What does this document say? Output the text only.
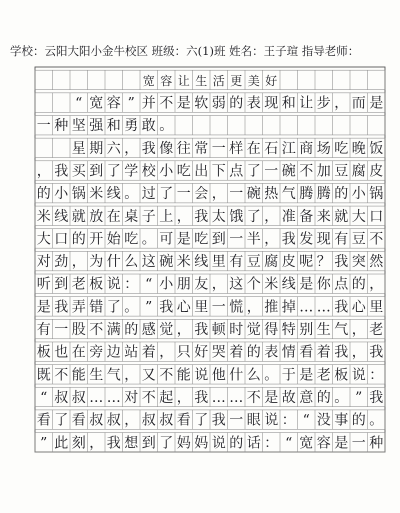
学校：云阳大阳小金牛校区 班级：六(1)班 姓名：王子瑄 指导老师：
宽 容 让 生 活 更 美 好
“ 宽 容 ” 并 不 是 软 弱 的 表 现 和 让 步 ， 而 是
一 种 坚 强 和 勇 敢 。
星 期 六 ， 我 像 往 常 一 样 在 石 江 商 场 吃 晚 饭
， 我 买 到 了 学 校 小 吃 出 下 点 了 一 碗 不 加 豆 腐 皮
的 小 锅 米 线 。 过 了 一 会 ， 一 碗 热 气 腾 腾 的 小 锅
米 线 就 放 在 桌 子 上 ， 我 太 饿 了 ， 准 备 来 就 大 口
大 口 的 开 始 吃 。 可 是 吃 到 一 半 ， 我 发 现 有 豆 不
对 劲 ， 为 什 么 这 碗 米 线 里 有 豆 腐 皮 呢 ？ 我 突 然
听 到 老 板 说 ： “ 小 朋 友 ， 这 个 米 线 是 你 点 的 ，
是 我 弄 错 了 。 ” 我 心 里 一 慌 ， 推 掉 … … 我 心 里
有 一 股 不 满 的 感 觉 ， 我 顿 时 觉 得 特 别 生 气 ， 老
板 也 在 旁 边 站 着 ， 只 好 哭 着 的 表 情 看 着 我 ， 我
既 不 能 生 气 ， 又 不 能 说 他 什 么 。 于 是 老 板 说 ：
“ 叔 叔 … … 对 不 起 ， 我 … … 不 是 故 意 的 。 ” 我
看 了 看 叔 叔 ， 叔 叔 看 了 我 一 眼 说 ： “ 没 事 的 。
” 此 刻 ， 我 想 到 了 妈 妈 说 的 话 ： “ 宽 容 是 一 种
